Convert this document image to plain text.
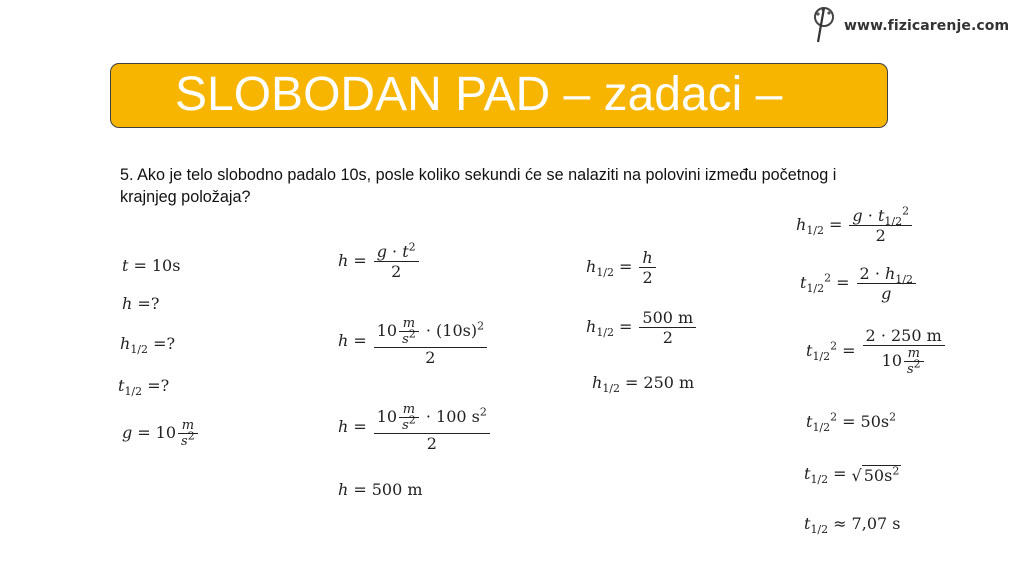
www.fizicarenje.com
SLOBODAN PAD – zadaci –
5. Ako je telo slobodno padalo 10s, posle koliko sekundi će se nalaziti na polovini između početnog i krajnjeg položaja?
t = 10s
h =?
$h_{1/2}$ =?
$t_{1/2}$ =?
$g = 10 \frac{m}{s^2}$
$h = \frac{g \cdot t^2}{2}$
$h = \frac{10 \frac{m}{s^2} \cdot (10s)^2}{2}$
$h = \frac{10 \frac{m}{s^2} \cdot 100 s^2}{2}$
h = 500 m
$h_{1/2} = \frac{h}{2}$
$h_{1/2} = \frac{500 m}{2}$
$h_{1/2} = 250$ m
$h_{1/2} = \frac{g \cdot t_{1/2}^2}{2}$
$t_{1/2}^2 = \frac{2 \cdot h_{1/2}}{g}$
$t_{1/2}^2 = \frac{2 \cdot 250 m}{10 \frac{m}{s^2}}$
$t_{1/2}^2 = 50s^2$
$t_{1/2}$ = √ $50s^2$
$t_{1/2} \approx 7,07$ s
